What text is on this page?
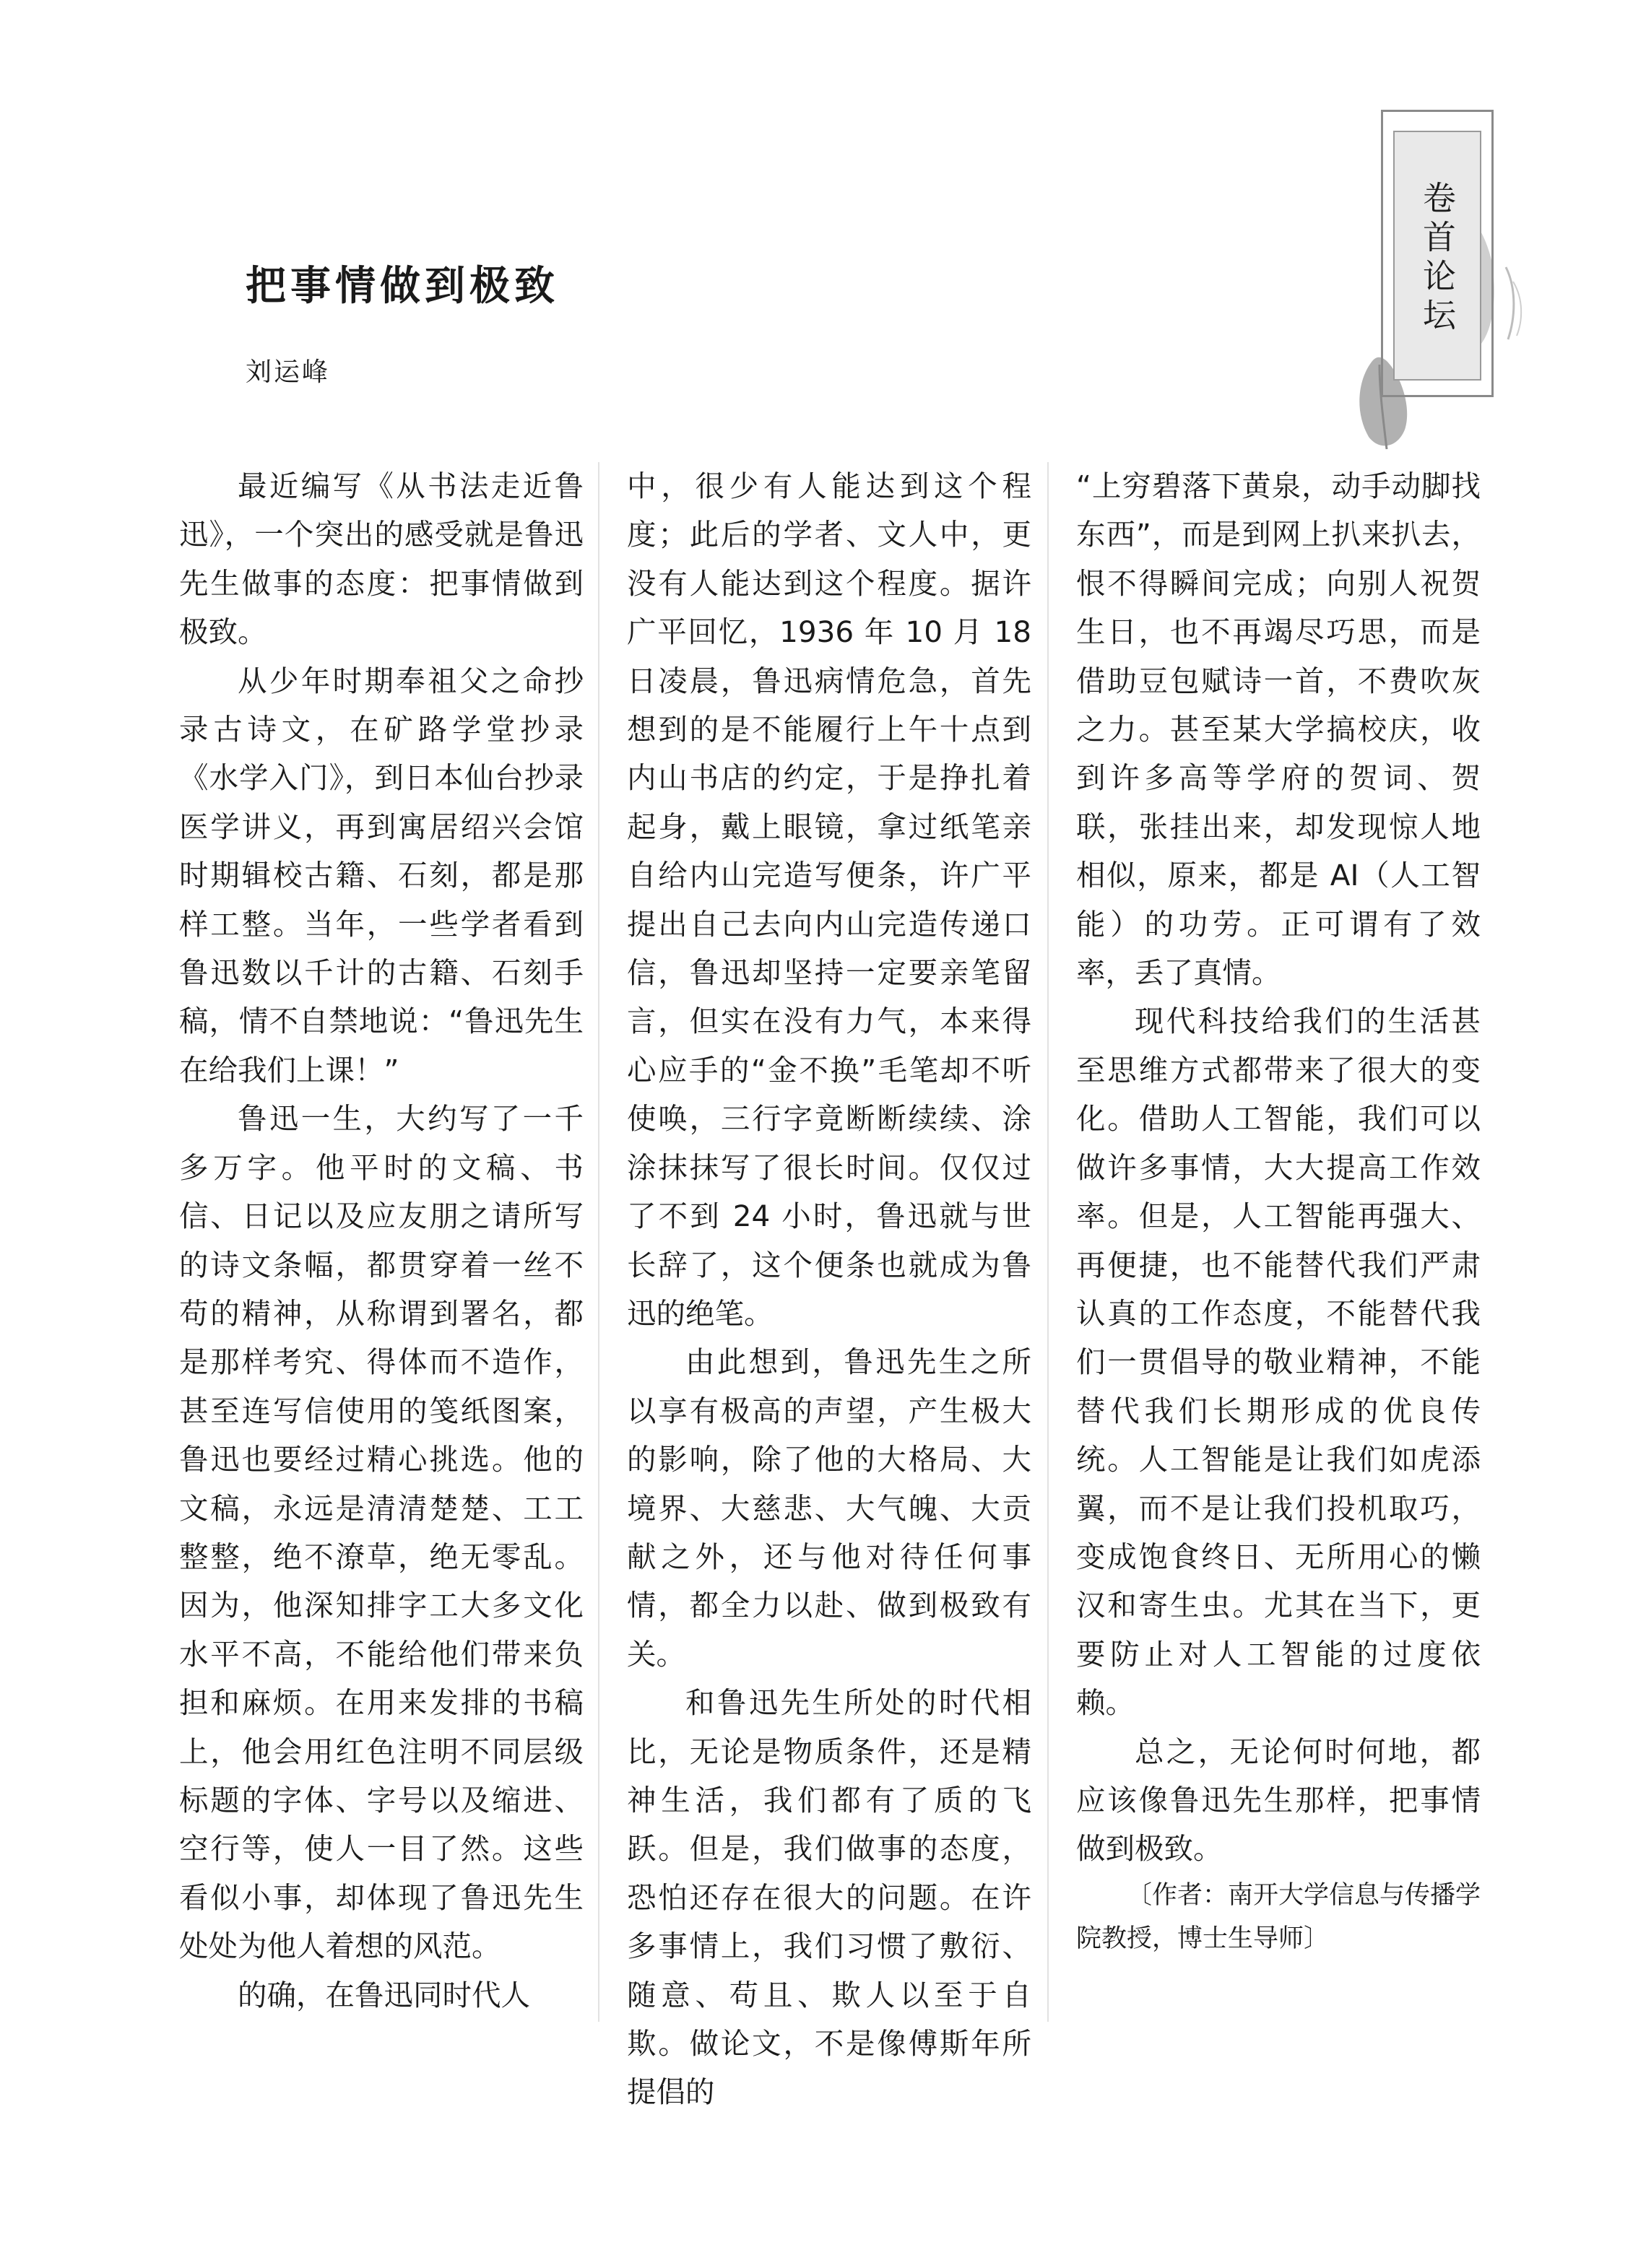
卷首论坛
把事情做到极致
刘运峰

最近编写《从书法走近鲁迅》，一个突出的感受就是鲁迅先生做事的态度：把事情做到极致。

从少年时期奉祖父之命抄录古诗文，在矿路学堂抄录《水学入门》，到日本仙台抄录医学讲义，再到寓居绍兴会馆时期辑校古籍、石刻，都是那样工整。当年，一些学者看到鲁迅数以千计的古籍、石刻手稿，情不自禁地说：“鲁迅先生在给我们上课！”

鲁迅一生，大约写了一千多万字。他平时的文稿、书信、日记以及应友朋之请所写的诗文条幅，都贯穿着一丝不苟的精神，从称谓到署名，都是那样考究、得体而不造作，甚至连写信使用的笺纸图案，鲁迅也要经过精心挑选。他的文稿，永远是清清楚楚、工工整整，绝不潦草，绝无零乱。因为，他深知排字工大多文化水平不高，不能给他们带来负担和麻烦。在用来发排的书稿上，他会用红色注明不同层级标题的字体、字号以及缩进、空行等，使人一目了然。这些看似小事，却体现了鲁迅先生处处为他人着想的风范。

的确，在鲁迅同时代人

中，很少有人能达到这个程度；此后的学者、文人中，更没有人能达到这个程度。据许广平回忆，1936 年 10 月 18 日凌晨，鲁迅病情危急，首先想到的是不能履行上午十点到内山书店的约定，于是挣扎着起身，戴上眼镜，拿过纸笔亲自给内山完造写便条，许广平提出自己去向内山完造传递口信，鲁迅却坚持一定要亲笔留言，但实在没有力气，本来得心应手的“金不换”毛笔却不听使唤，三行字竟断断续续、涂涂抹抹写了很长时间。仅仅过了不到 24 小时，鲁迅就与世长辞了，这个便条也就成为鲁迅的绝笔。

由此想到，鲁迅先生之所以享有极高的声望，产生极大的影响，除了他的大格局、大境界、大慈悲、大气魄、大贡献之外，还与他对待任何事情，都全力以赴、做到极致有关。

和鲁迅先生所处的时代相比，无论是物质条件，还是精神生活，我们都有了质的飞跃。但是，我们做事的态度，恐怕还存在很大的问题。在许多事情上，我们习惯了敷衍、随意、苟且、欺人以至于自欺。做论文，不是像傅斯年所提倡的

“上穷碧落下黄泉，动手动脚找东西”，而是到网上扒来扒去，恨不得瞬间完成；向别人祝贺生日，也不再竭尽巧思，而是借助豆包赋诗一首，不费吹灰之力。甚至某大学搞校庆，收到许多高等学府的贺词、贺联，张挂出来，却发现惊人地相似，原来，都是 AI（人工智能）的功劳。正可谓有了效率，丢了真情。

现代科技给我们的生活甚至思维方式都带来了很大的变化。借助人工智能，我们可以做许多事情，大大提高工作效率。但是，人工智能再强大、再便捷，也不能替代我们严肃认真的工作态度，不能替代我们一贯倡导的敬业精神，不能替代我们长期形成的优良传统。人工智能是让我们如虎添翼，而不是让我们投机取巧，变成饱食终日、无所用心的懒汉和寄生虫。尤其在当下，更要防止对人工智能的过度依赖。

总之，无论何时何地，都应该像鲁迅先生那样，把事情做到极致。

〔作者：南开大学信息与传播学院教授，博士生导师〕
